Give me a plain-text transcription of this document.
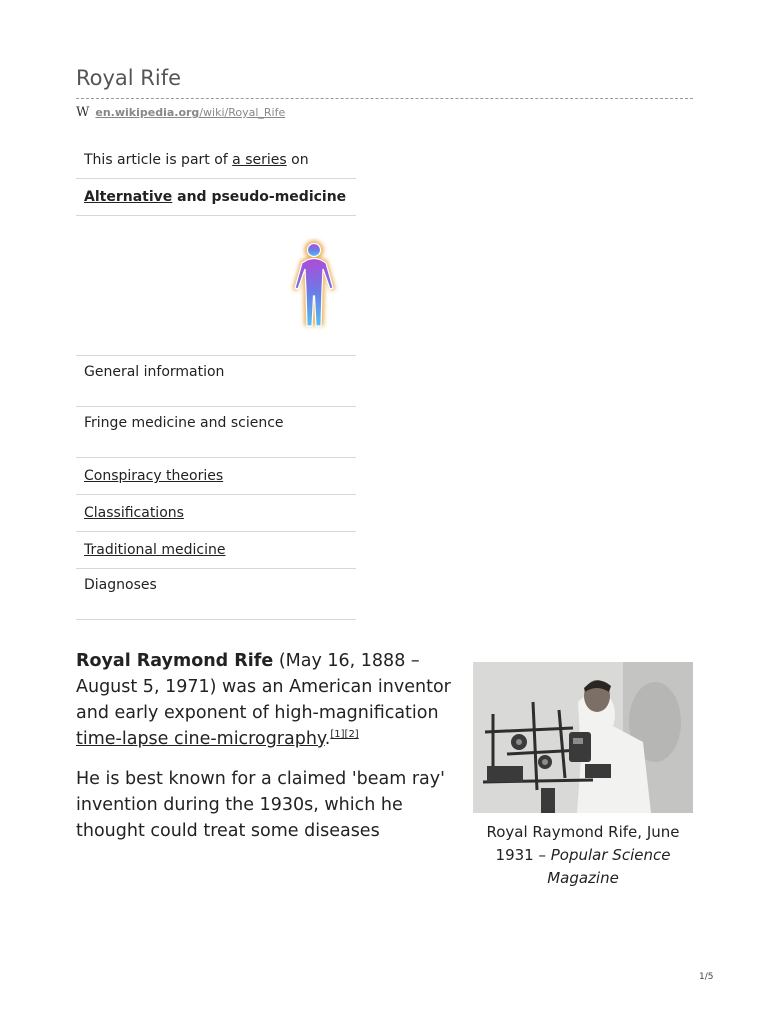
Royal Rife
W en.wikipedia.org/wiki/Royal_Rife
This article is part of a series on
Alternative and pseudo-medicine
General information
Fringe medicine and science
Conspiracy theories
Classifications
Traditional medicine
Diagnoses

Royal Raymond Rife (May 16, 1888 – August 5, 1971) was an American inventor and early exponent of high-magnification time-lapse cine-micrography.[1][2]

He is best known for a claimed 'beam ray' invention during the 1930s, which he thought could treat some diseases	Royal Raymond Rife, June 1931 – Popular Science Magazine
1/5
